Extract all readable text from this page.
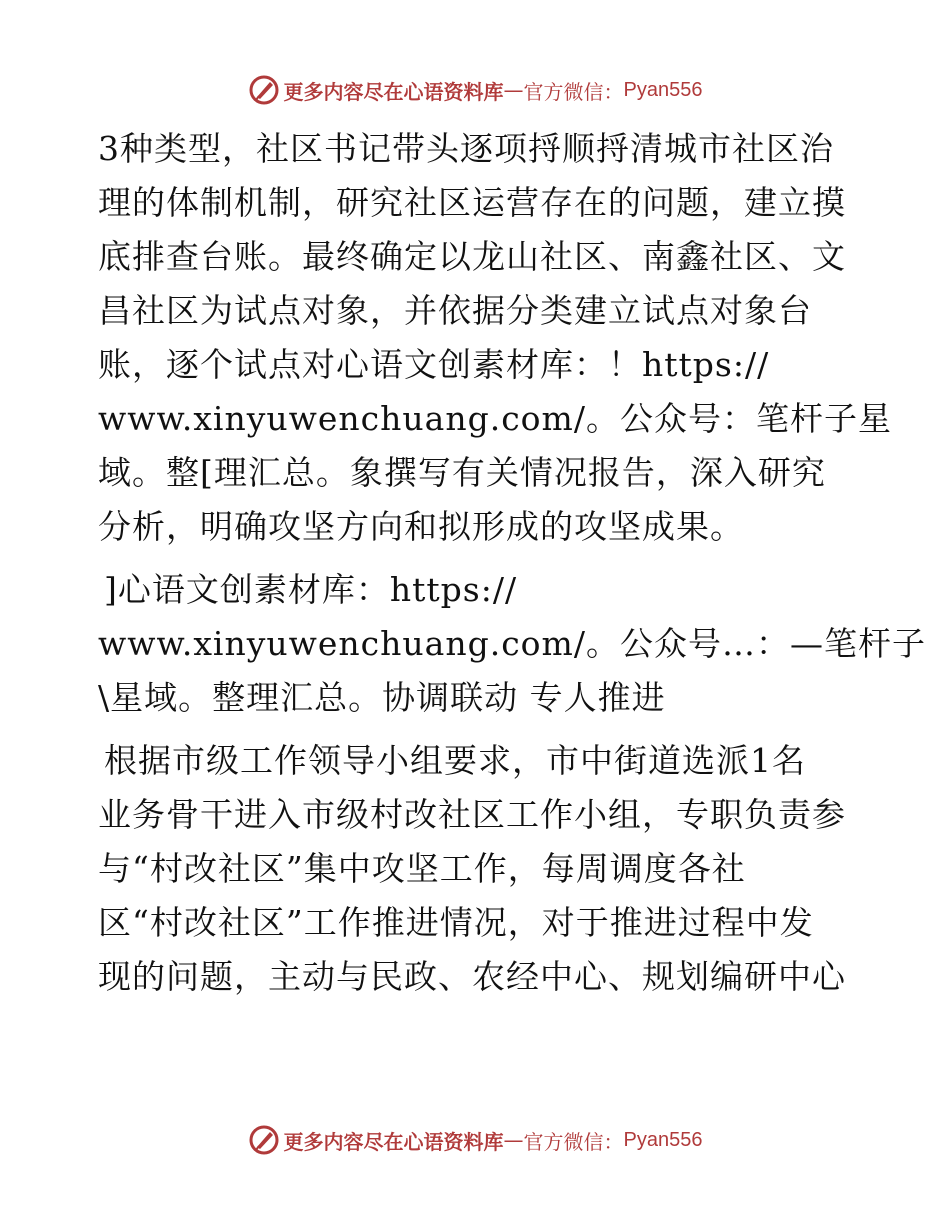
更多内容尽在心语资料库 — 官方微信： Pyan556
3种类型，社区书记带头逐项捋顺捋清城市社区治
理的体制机制，研究社区运营存在的问题，建立摸
底排查台账。最终确定以龙山社区、南鑫社区、文
昌社区为试点对象，并依据分类建立试点对象台
账，逐个试点对心语文创素材库：！https://
www.xinyuwenchuang.com/。公众号：笔杆子星
域。整[理汇总。象撰写有关情况报告，深入研究
分析，明确攻坚方向和拟形成的攻坚成果。
]心语文创素材库：https://
www.xinyuwenchuang.com/。公众号…：—笔杆子
\星域。整理汇总。协调联动 专人推进
根据市级工作领导小组要求，市中街道选派1名
业务骨干进入市级村改社区工作小组，专职负责参
与“村改社区”集中攻坚工作，每周调度各社
区“村改社区”工作推进情况，对于推进过程中发
现的问题，主动与民政、农经中心、规划编研中心
更多内容尽在心语资料库 — 官方微信： Pyan556
